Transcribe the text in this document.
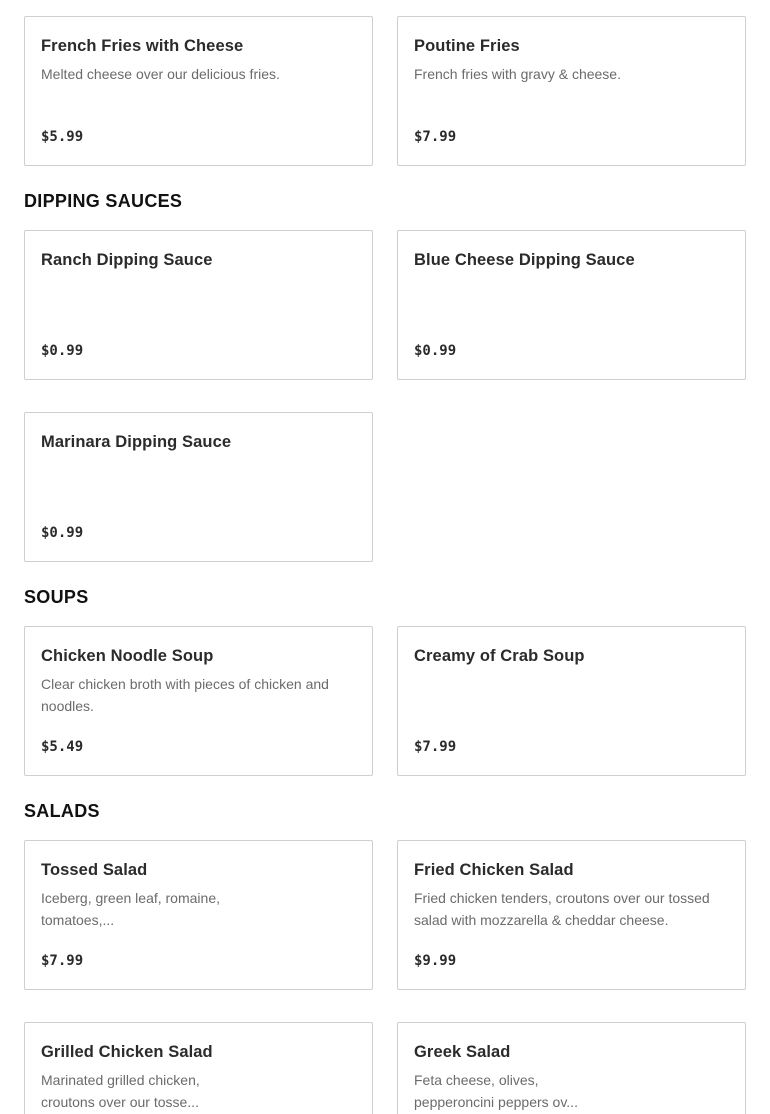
French Fries with Cheese
Melted cheese over our delicious fries.
$5.99
Poutine Fries
French fries with gravy & cheese.
$7.99
DIPPING SAUCES
Ranch Dipping Sauce
$0.99
Blue Cheese Dipping Sauce
$0.99
Marinara Dipping Sauce
$0.99
SOUPS
Chicken Noodle Soup
Clear chicken broth with pieces of chicken and noodles.
$5.49
Creamy of Crab Soup
$7.99
SALADS
Tossed Salad
Iceberg, green leaf, romaine, tomatoes,...
$7.99
Fried Chicken Salad
Fried chicken tenders, croutons over our tossed salad with mozzarella & cheddar cheese.
$9.99
Grilled Chicken Salad
Marinated grilled chicken, croutons over our tosse...
Greek Salad
Feta cheese, olives, pepperoncini peppers ov...
